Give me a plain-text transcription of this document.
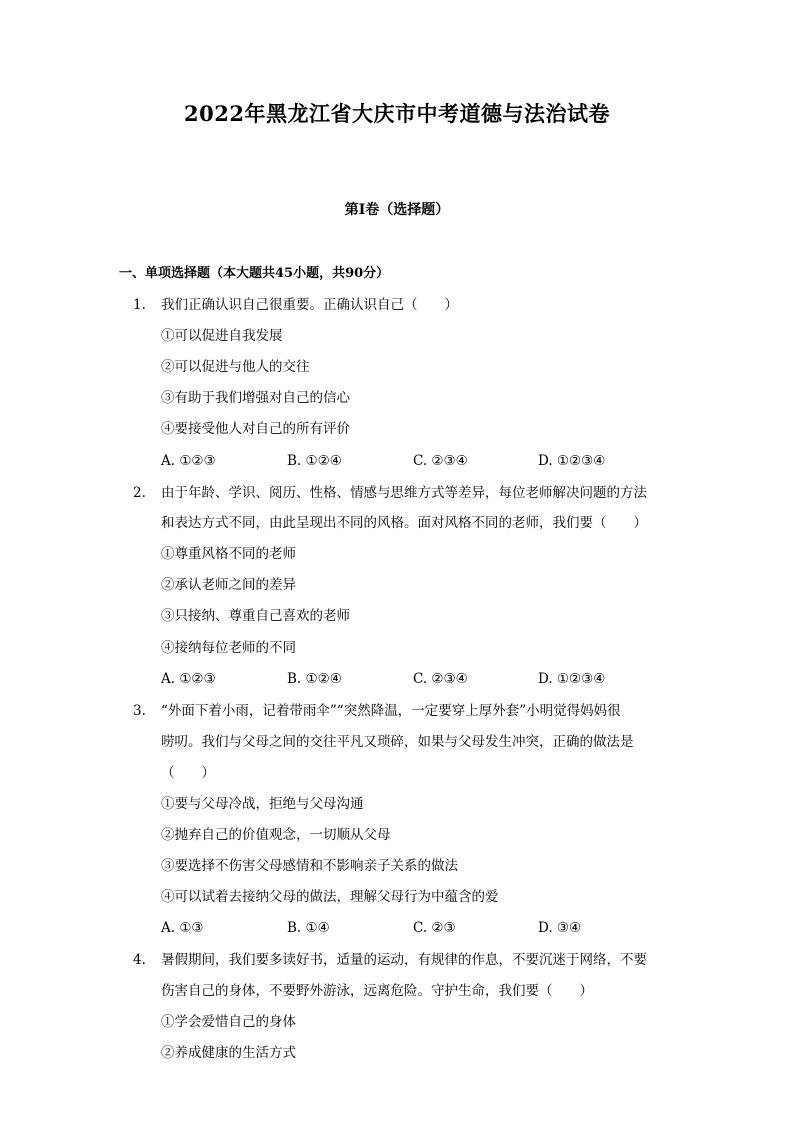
2022年黑龙江省大庆市中考道德与法治试卷
第I卷（选择题）
一、单项选择题（本大题共45小题，共90分）
1.	我们正确认识自己很重要。正确认识自己（　　）
①可以促进自我发展
②可以促进与他人的交往
③有助于我们增强对自己的信心
④要接受他人对自己的所有评价
A. ①②③	B. ①②④	C. ②③④	D. ①②③④
2.	由于年龄、学识、阅历、性格、情感与思维方式等差异，每位老师解决问题的方法
和表达方式不同，由此呈现出不同的风格。面对风格不同的老师，我们要（　　）
①尊重风格不同的老师
②承认老师之间的差异
③只接纳、尊重自己喜欢的老师
④接纳每位老师的不同
A. ①②③	B. ①②④	C. ②③④	D. ①②③④
3.	“外面下着小雨，记着带雨伞”“突然降温，一定要穿上厚外套”小明觉得妈妈很
唠叨。我们与父母之间的交往平凡又琐碎，如果与父母发生冲突，正确的做法是
（　　）
①要与父母冷战，拒绝与父母沟通
②抛弃自己的价值观念，一切顺从父母
③要选择不伤害父母感情和不影响亲子关系的做法
④可以试着去接纳父母的做法，理解父母行为中蕴含的爱
A. ①③	B. ①④	C. ②③	D. ③④
4.	暑假期间，我们要多读好书，适量的运动，有规律的作息，不要沉迷于网络，不要
伤害自己的身体，不要野外游泳，远离危险。守护生命，我们要（　　）
①学会爱惜自己的身体
②养成健康的生活方式
